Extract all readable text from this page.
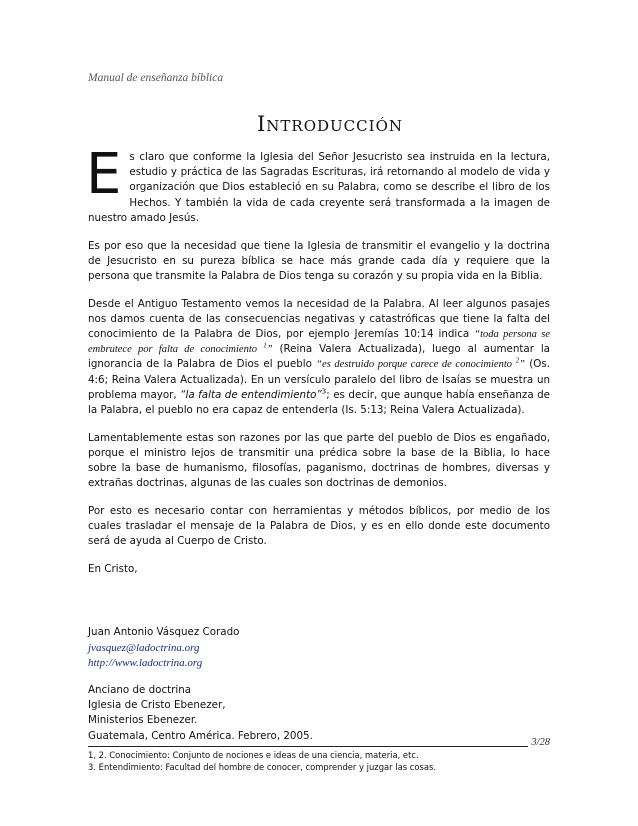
Manual de enseñanza bíblica
Introducción

Es claro que conforme la Iglesia del Señor Jesucristo sea instruida en la lectura, estudio y práctica de las Sagradas Escrituras, irá retornando al modelo de vida y organización que Dios estableció en su Palabra, como se describe el libro de los Hechos. Y también la vida de cada creyente será transformada a la imagen de nuestro amado Jesús.

Es por eso que la necesidad que tiene la Iglesia de transmitir el evangelio y la doctrina de Jesucristo en su pureza bíblica se hace más grande cada día y requiere que la persona que transmite la Palabra de Dios tenga su corazón y su propia vida en la Biblia.

Desde el Antiguo Testamento vemos la necesidad de la Palabra. Al leer algunos pasajes nos damos cuenta de las consecuencias negativas y catastróficas que tiene la falta del conocimiento de la Palabra de Dios, por ejemplo Jeremías 10:14 indica “toda persona se embrutece por falta de conocimiento $^1$” (Reina Valera Actualizada), luego al aumentar la ignorancia de la Palabra de Dios el pueblo “es destruido porque carece de conocimiento $^2$” (Os. 4:6; Reina Valera Actualizada). En un versículo paralelo del libro de Isaías se muestra un problema mayor, “la falta de entendimiento”$^3$; es decir, que aunque había enseñanza de la Palabra, el pueblo no era capaz de entenderla (Is. 5:13; Reina Valera Actualizada).

Lamentablemente estas son razones por las que parte del pueblo de Dios es engañado, porque el ministro lejos de transmitir una prédica sobre la base de la Biblia, lo hace sobre la base de humanismo, filosofías, paganismo, doctrinas de hombres, diversas y extrañas doctrinas, algunas de las cuales son doctrinas de demonios.

Por esto es necesario contar con herramientas y métodos bíblicos, por medio de los cuales trasladar el mensaje de la Palabra de Dios, y es en ello donde este documento será de ayuda al Cuerpo de Cristo.

En Cristo,

Juan Antonio Vásquez Corado
jvasquez@ladoctrina.org
http://www.ladoctrina.org
Anciano de doctrina
Iglesia de Cristo Ebenezer,
Ministerios Ebenezer.
Guatemala, Centro América. Febrero, 2005.
1, 2. Conocimiento: Conjunto de nociones e ideas de una ciencia, materia, etc.
3. Entendimiento: Facultad del hombre de conocer, comprender y juzgar las cosas.
3/28
